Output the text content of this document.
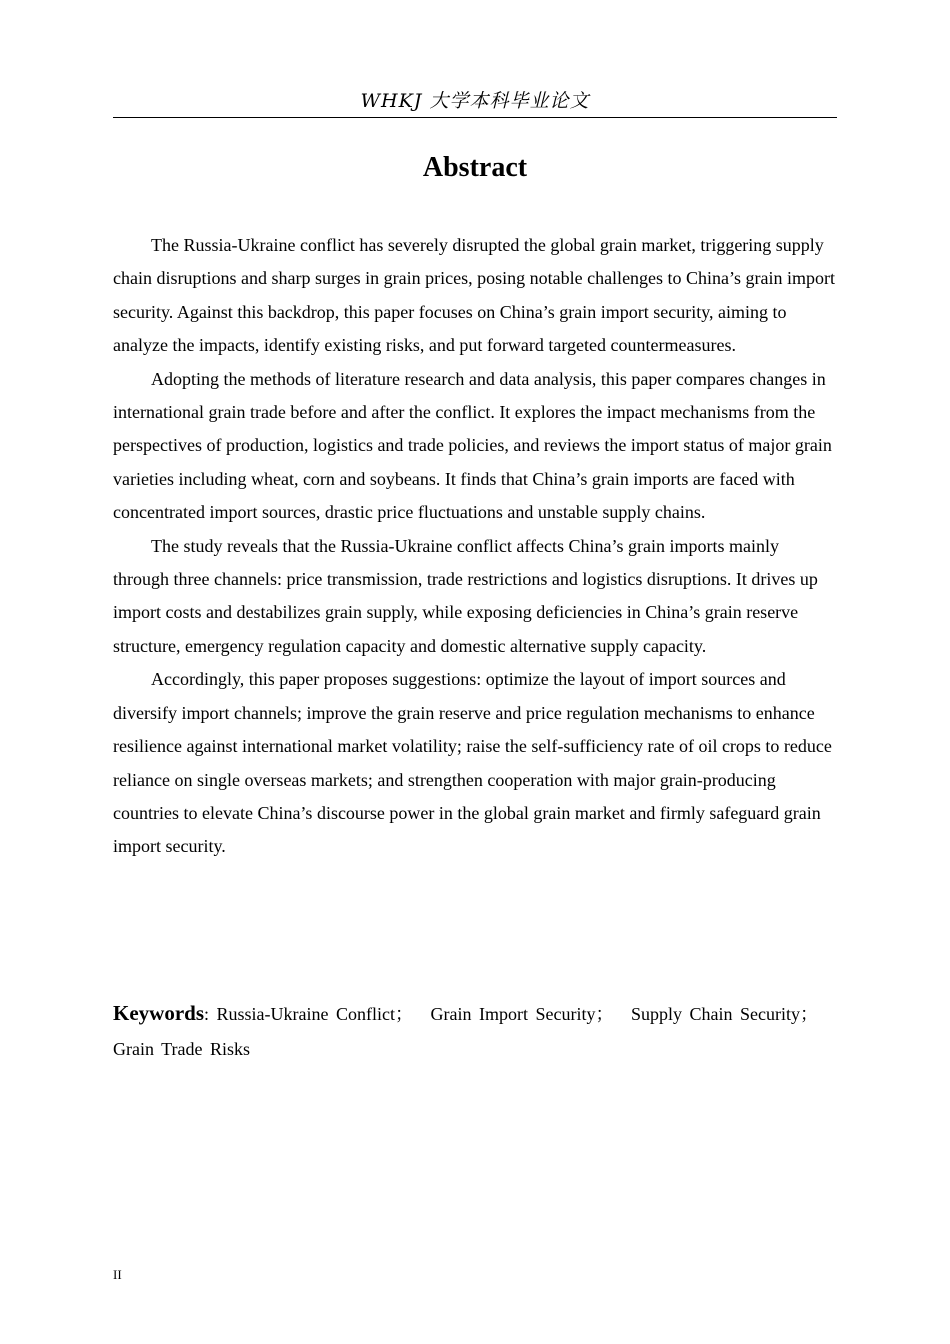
WHKJ 大学本科毕业论文
Abstract

The Russia-Ukraine conflict has severely disrupted the global grain market, triggering supply chain disruptions and sharp surges in grain prices, posing notable challenges to China’s grain import security. Against this backdrop, this paper focuses on China’s grain import security, aiming to analyze the impacts, identify existing risks, and put forward targeted countermeasures.

Adopting the methods of literature research and data analysis, this paper compares changes in international grain trade before and after the conflict. It explores the impact mechanisms from the perspectives of production, logistics and trade policies, and reviews the import status of major grain varieties including wheat, corn and soybeans. It finds that China’s grain imports are faced with concentrated import sources, drastic price fluctuations and unstable supply chains.

The study reveals that the Russia-Ukraine conflict affects China’s grain imports mainly through three channels: price transmission, trade restrictions and logistics disruptions. It drives up import costs and destabilizes grain supply, while exposing deficiencies in China’s grain reserve structure, emergency regulation capacity and domestic alternative supply capacity.

Accordingly, this paper proposes suggestions: optimize the layout of import sources and diversify import channels; improve the grain reserve and price regulation mechanisms to enhance resilience against international market volatility; raise the self-sufficiency rate of oil crops to reduce reliance on single overseas markets; and strengthen cooperation with major grain-producing countries to elevate China’s discourse power in the global grain market and firmly safeguard grain import security.

Keywords: Russia-Ukraine Conflict； Grain Import Security； Supply Chain Security； Grain Trade Risks
II
